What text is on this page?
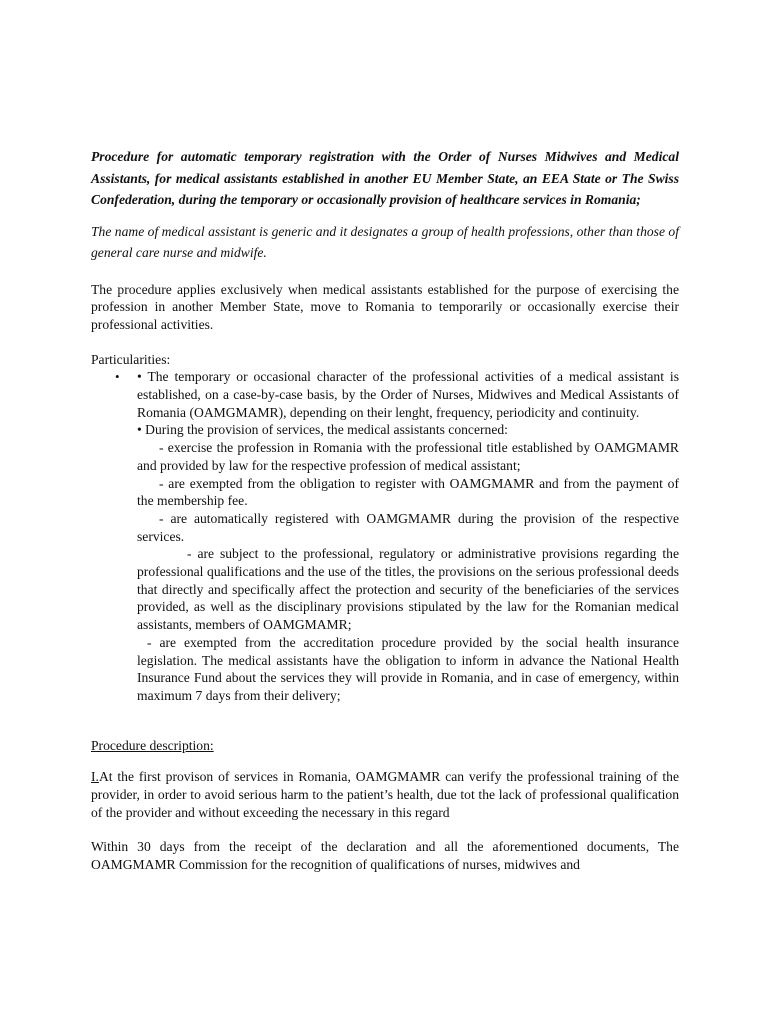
Procedure for automatic temporary registration with the Order of Nurses Midwives and Medical Assistants, for medical assistants established in another EU Member State, an EEA State or The Swiss Confederation, during the temporary or occasionally provision of healthcare services in Romania;

The name of medical assistant is generic and it designates a group of health professions, other than those of general care nurse and midwife.

The procedure applies exclusively when medical assistants established for the purpose of exercising the profession in another Member State, move to Romania to temporarily or occasionally exercise their professional activities.

Particularities:

• • The temporary or occasional character of the professional activities of a medical assistant is established, on a case-by-case basis, by the Order of Nurses, Midwives and Medical Assistants of Romania (OAMGMAMR), depending on their lenght, frequency, periodicity and continuity.

• During the provision of services, the medical assistants concerned:

- exercise the profession in Romania with the professional title established by OAMGMAMR and provided by law for the respective profession of medical assistant;

- are exempted from the obligation to register with OAMGMAMR and from the payment of the membership fee.

- are automatically registered with OAMGMAMR during the provision of the respective services.

- are subject to the professional, regulatory or administrative provisions regarding the professional qualifications and the use of the titles, the provisions on the serious professional deeds that directly and specifically affect the protection and security of the beneficiaries of the services provided, as well as the disciplinary provisions stipulated by the law for the Romanian medical assistants, members of OAMGMAMR;

- are exempted from the accreditation procedure provided by the social health insurance legislation. The medical assistants have the obligation to inform in advance the National Health Insurance Fund about the services they will provide in Romania, and in case of emergency, within maximum 7 days from their delivery;

Procedure description:

I.At the first provison of services in Romania, OAMGMAMR can verify the professional training of the provider, in order to avoid serious harm to the patient’s health, due tot the lack of professional qualification of the provider and without exceeding the necessary in this regard

Within 30 days from the receipt of the declaration and all the aforementioned documents, The OAMGMAMR Commission for the recognition of qualifications of nurses, midwives and
